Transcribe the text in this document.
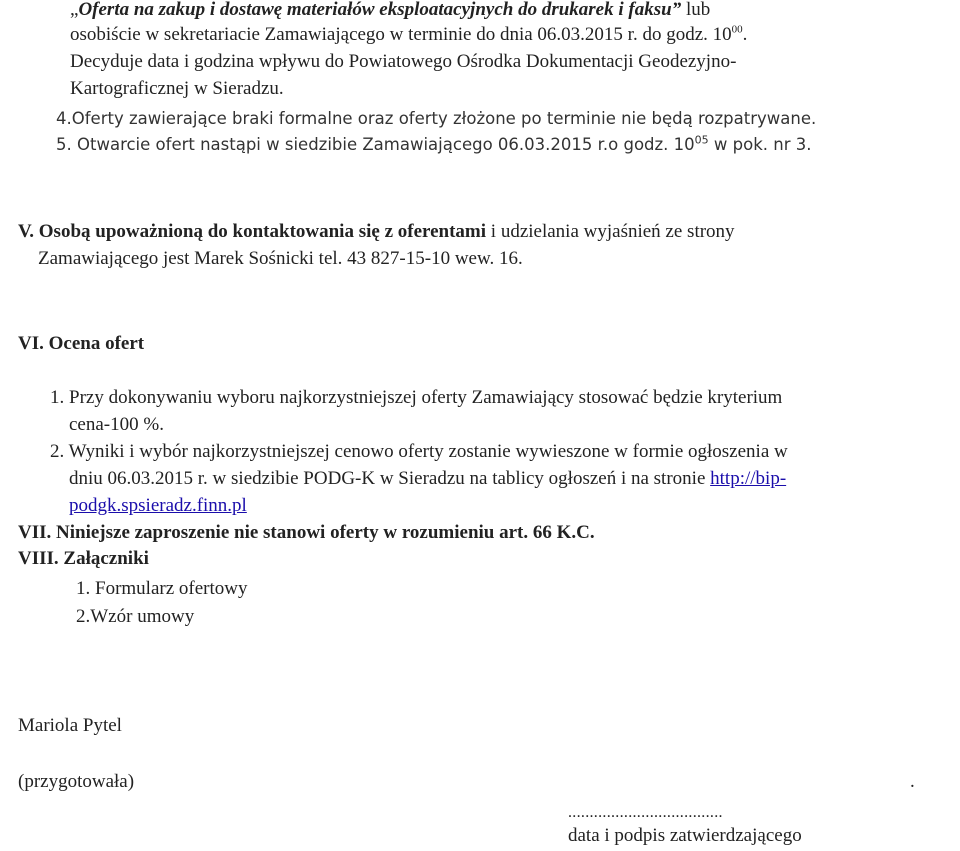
„Oferta na zakup i dostawę materiałów eksploatacyjnych do drukarek i faksu” lub
osobiście w sekretariacie Zamawiającego w terminie do dnia 06.03.2015 r. do godz. $10^{00}$.
Decyduje data i godzina wpływu do Powiatowego Ośrodka Dokumentacji Geodezyjno-
Kartograficznej w Sieradzu.
4.Oferty zawierające braki formalne oraz oferty złożone po terminie nie będą rozpatrywane.
5. Otwarcie ofert nastąpi w siedzibie Zamawiającego 06.03.2015 r.o godz. $10^{05}$ w pok. nr 3.
V. Osobą upoważnioną do kontaktowania się z oferentami i udzielania wyjaśnień ze strony
Zamawiającego jest Marek Sośnicki tel. 43 827-15-10 wew. 16.
VI. Ocena ofert
1. Przy dokonywaniu wyboru najkorzystniejszej oferty Zamawiający stosować będzie kryterium
cena-100 %.
2. Wyniki i wybór najkorzystniejszej cenowo oferty zostanie wywieszone w formie ogłoszenia w
dniu 06.03.2015 r. w siedzibie PODG-K w Sieradzu na tablicy ogłoszeń i na stronie http://bip-
podgk.spsieradz.finn.pl
VII. Niniejsze zaproszenie nie stanowi oferty w rozumieniu art. 66 K.C.
VIII. Załączniki
1. Formularz ofertowy
2.Wzór umowy
Mariola Pytel
(przygotowała)	.
....................................
data i podpis zatwierdzającego
